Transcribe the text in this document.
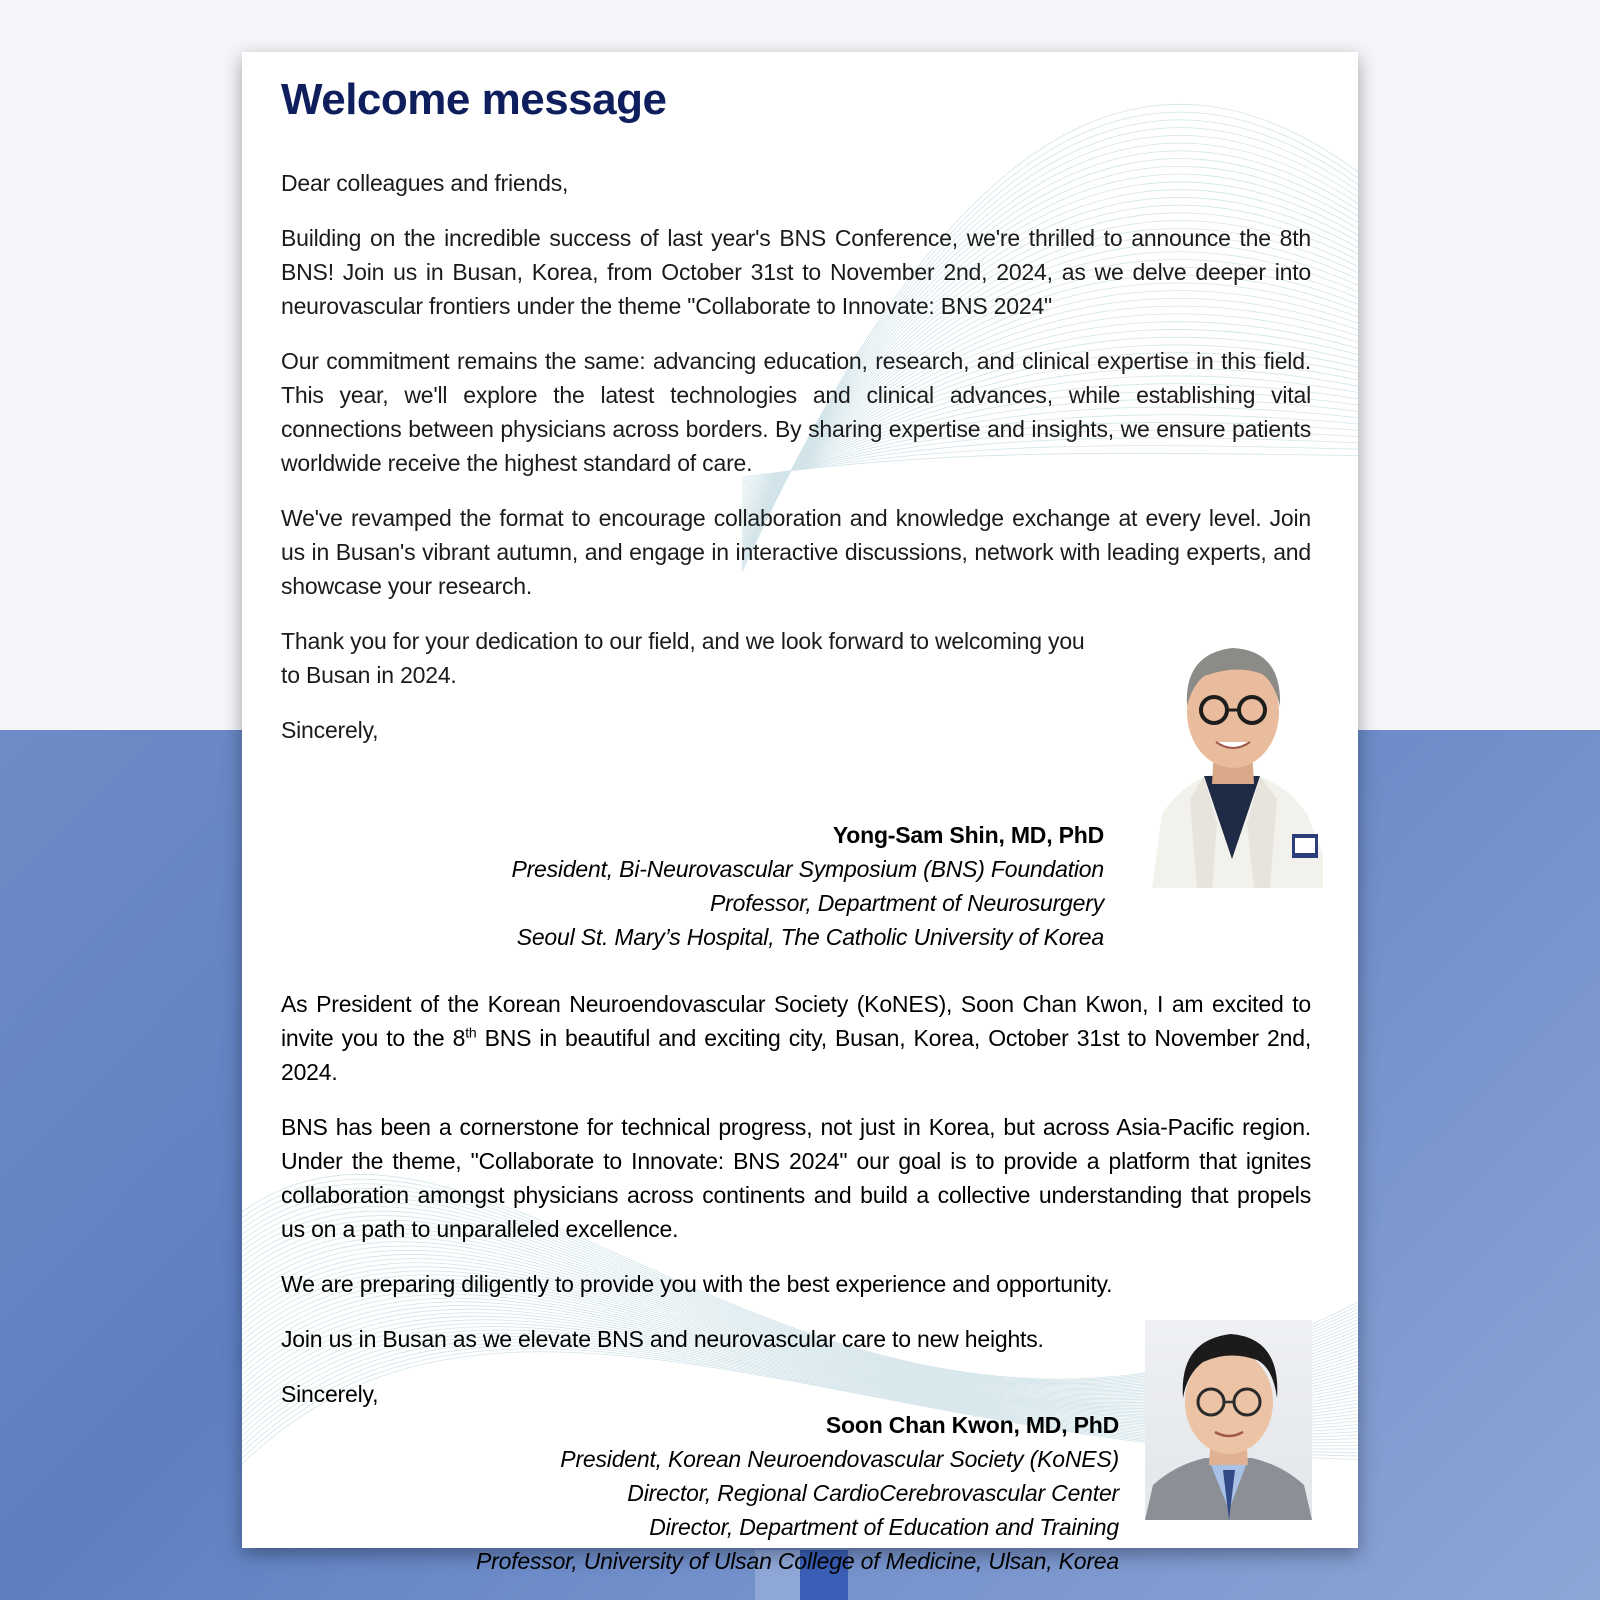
Welcome message

Dear colleagues and friends,

Building on the incredible success of last year's BNS Conference, we're thrilled to announce the 8th BNS! Join us in Busan, Korea, from October 31st to November 2nd, 2024, as we delve deeper into neurovascular frontiers under the theme "Collaborate to Innovate: BNS 2024"

Our commitment remains the same: advancing education, research, and clinical expertise in this field. This year, we'll explore the latest technologies and clinical advances, while establishing vital connections between physicians across borders. By sharing expertise and insights, we ensure patients worldwide receive the highest standard of care.

We've revamped the format to encourage collaboration and knowledge exchange at every level. Join us in Busan's vibrant autumn, and engage in interactive discussions, network with leading experts, and showcase your research.

Thank you for your dedication to our field, and we look forward to welcoming you to Busan in 2024.

Sincerely,

Yong-Sam Shin, MD, PhD
President, Bi-Neurovascular Symposium (BNS) Foundation
Professor, Department of Neurosurgery
Seoul St. Mary’s Hospital, The Catholic University of Korea

As President of the Korean Neuroendovascular Society (KoNES), Soon Chan Kwon, I am excited to invite you to the 8th BNS in beautiful and exciting city, Busan, Korea, October 31st to November 2nd, 2024.

BNS has been a cornerstone for technical progress, not just in Korea, but across Asia-Pacific region. Under the theme, "Collaborate to Innovate: BNS 2024" our goal is to provide a platform that ignites collaboration amongst physicians across continents and build a collective understanding that propels us on a path to unparalleled excellence.

We are preparing diligently to provide you with the best experience and opportunity.

Join us in Busan as we elevate BNS and neurovascular care to new heights.

Sincerely,

Soon Chan Kwon, MD, PhD
President, Korean Neuroendovascular Society (KoNES)
Director, Regional CardioCerebrovascular Center
Director, Department of Education and Training
Professor, University of Ulsan College of Medicine, Ulsan, Korea
